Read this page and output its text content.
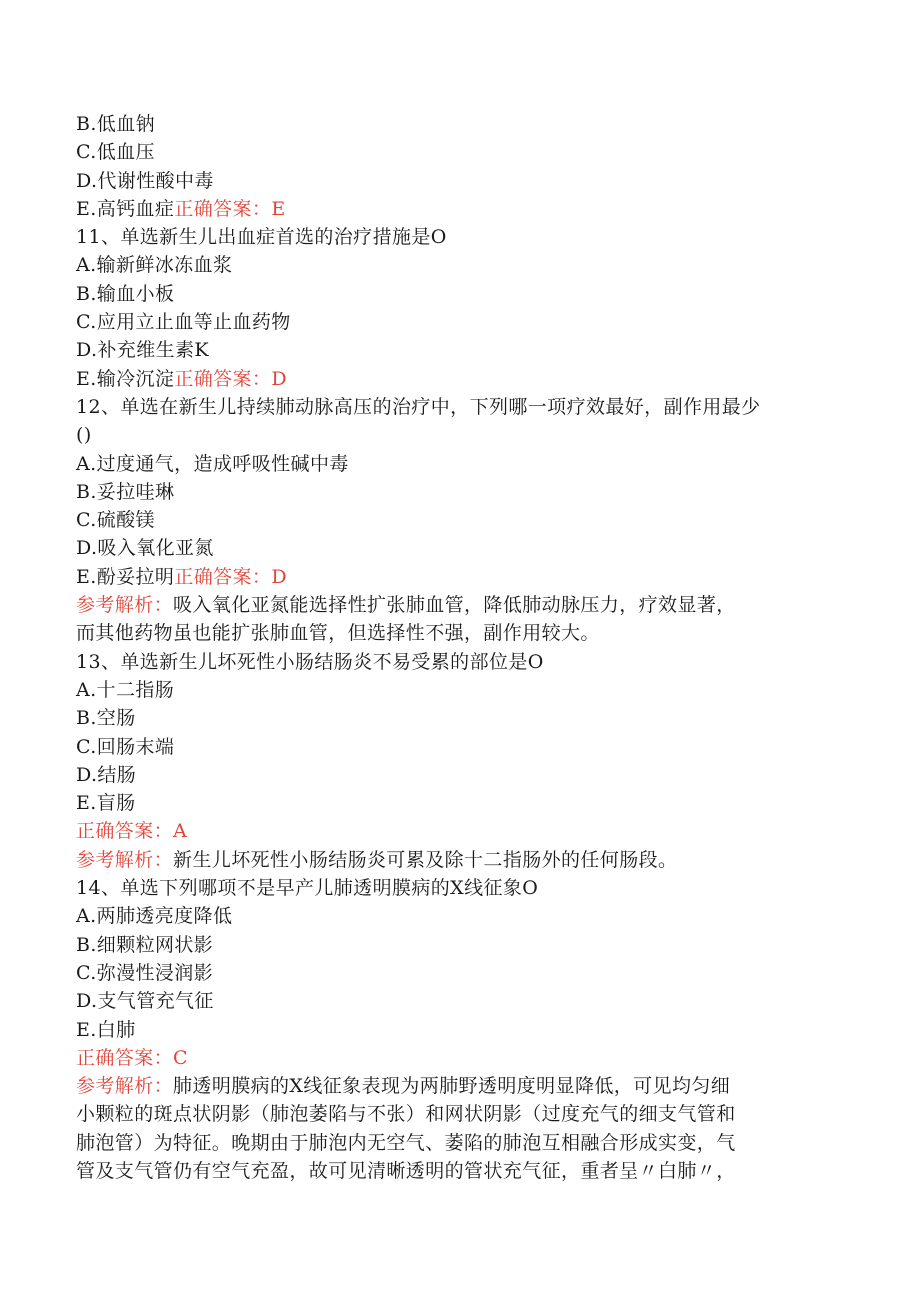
B.低血钠
C.低血压
D.代谢性酸中毒
E.高钙血症正确答案：E
11、单选新生儿出血症首选的治疗措施是O
A.输新鲜冰冻血浆
B.输血小板
C.应用立止血等止血药物
D.补充维生素K
E.输冷沉淀正确答案：D
12、单选在新生儿持续肺动脉高压的治疗中，下列哪一项疗效最好，副作用最少
()
A.过度通气，造成呼吸性碱中毒
B.妥拉哇琳
C.硫酸镁
D.吸入氧化亚氮
E.酚妥拉明正确答案：D
参考解析：吸入氧化亚氮能选择性扩张肺血管，降低肺动脉压力，疗效显著，
而其他药物虽也能扩张肺血管，但选择性不强，副作用较大。
13、单选新生儿坏死性小肠结肠炎不易受累的部位是O
A.十二指肠
B.空肠
C.回肠末端
D.结肠
E.盲肠
正确答案：A
参考解析：新生儿坏死性小肠结肠炎可累及除十二指肠外的任何肠段。
14、单选下列哪项不是早产儿肺透明膜病的X线征象O
A.两肺透亮度降低
B.细颗粒网状影
C.弥漫性浸润影
D.支气管充气征
E.白肺
正确答案：C
参考解析：肺透明膜病的X线征象表现为两肺野透明度明显降低，可见均匀细
小颗粒的斑点状阴影（肺泡萎陷与不张）和网状阴影（过度充气的细支气管和
肺泡管）为特征。晚期由于肺泡内无空气、萎陷的肺泡互相融合形成实变，气
管及支气管仍有空气充盈，故可见清晰透明的管状充气征，重者呈〃白肺〃，
